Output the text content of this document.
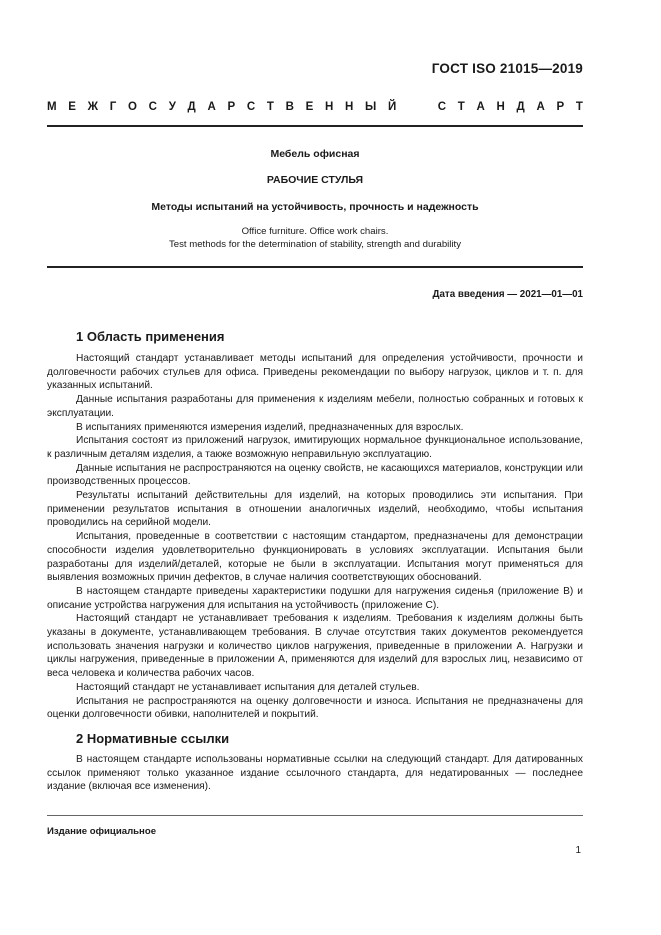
ГОСТ ISO 21015—2019
М Е Ж Г О С У Д А Р С Т В Е Н Н Ы Й

	С Т А Н Д А Р Т
Мебель офисная
РАБОЧИЕ СТУЛЬЯ
Методы испытаний на устойчивость, прочность и надежность
Office furniture. Office work chairs.
Test methods for the determination of stability, strength and durability
Дата введения — 2021—01—01
1 Область применения

Настоящий стандарт устанавливает методы испытаний для определения устойчивости, прочности и долговечности рабочих стульев для офиса. Приведены рекомендации по выбору нагрузок, циклов и т. п. для указанных испытаний.

Данные испытания разработаны для применения к изделиям мебели, полностью собранных и готовых к эксплуатации.

В испытаниях применяются измерения изделий, предназначенных для взрослых.

Испытания состоят из приложений нагрузок, имитирующих нормальное функциональное использование, к различным деталям изделия, а также возможную неправильную эксплуатацию.

Данные испытания не распространяются на оценку свойств, не касающихся материалов, конструкции или производственных процессов.

Результаты испытаний действительны для изделий, на которых проводились эти испытания. При применении результатов испытания в отношении аналогичных изделий, необходимо, чтобы испытания проводились на серийной модели.

Испытания, проведенные в соответствии с настоящим стандартом, предназначены для демонстрации способности изделия удовлетворительно функционировать в условиях эксплуатации. Испытания были разработаны для изделий/деталей, которые не были в эксплуатации. Испытания могут применяться для выявления возможных причин дефектов, в случае наличия соответствующих обоснований.

В настоящем стандарте приведены характеристики подушки для нагружения сиденья (приложение В) и описание устройства нагружения для испытания на устойчивость (приложение С).

Настоящий стандарт не устанавливает требования к изделиям. Требования к изделиям должны быть указаны в документе, устанавливающем требования. В случае отсутствия таких документов рекомендуется использовать значения нагрузки и количество циклов нагружения, приведенные в приложении А. Нагрузки и циклы нагружения, приведенные в приложении А, применяются для изделий для взрослых лиц, независимо от веса человека и количества рабочих часов.

Настоящий стандарт не устанавливает испытания для деталей стульев.

Испытания не распространяются на оценку долговечности и износа. Испытания не предназначены для оценки долговечности обивки, наполнителей и покрытий.

2 Нормативные ссылки

В настоящем стандарте использованы нормативные ссылки на следующий стандарт. Для датированных ссылок применяют только указанное издание ссылочного стандарта, для недатированных — последнее издание (включая все изменения).

Издание официальное
1
